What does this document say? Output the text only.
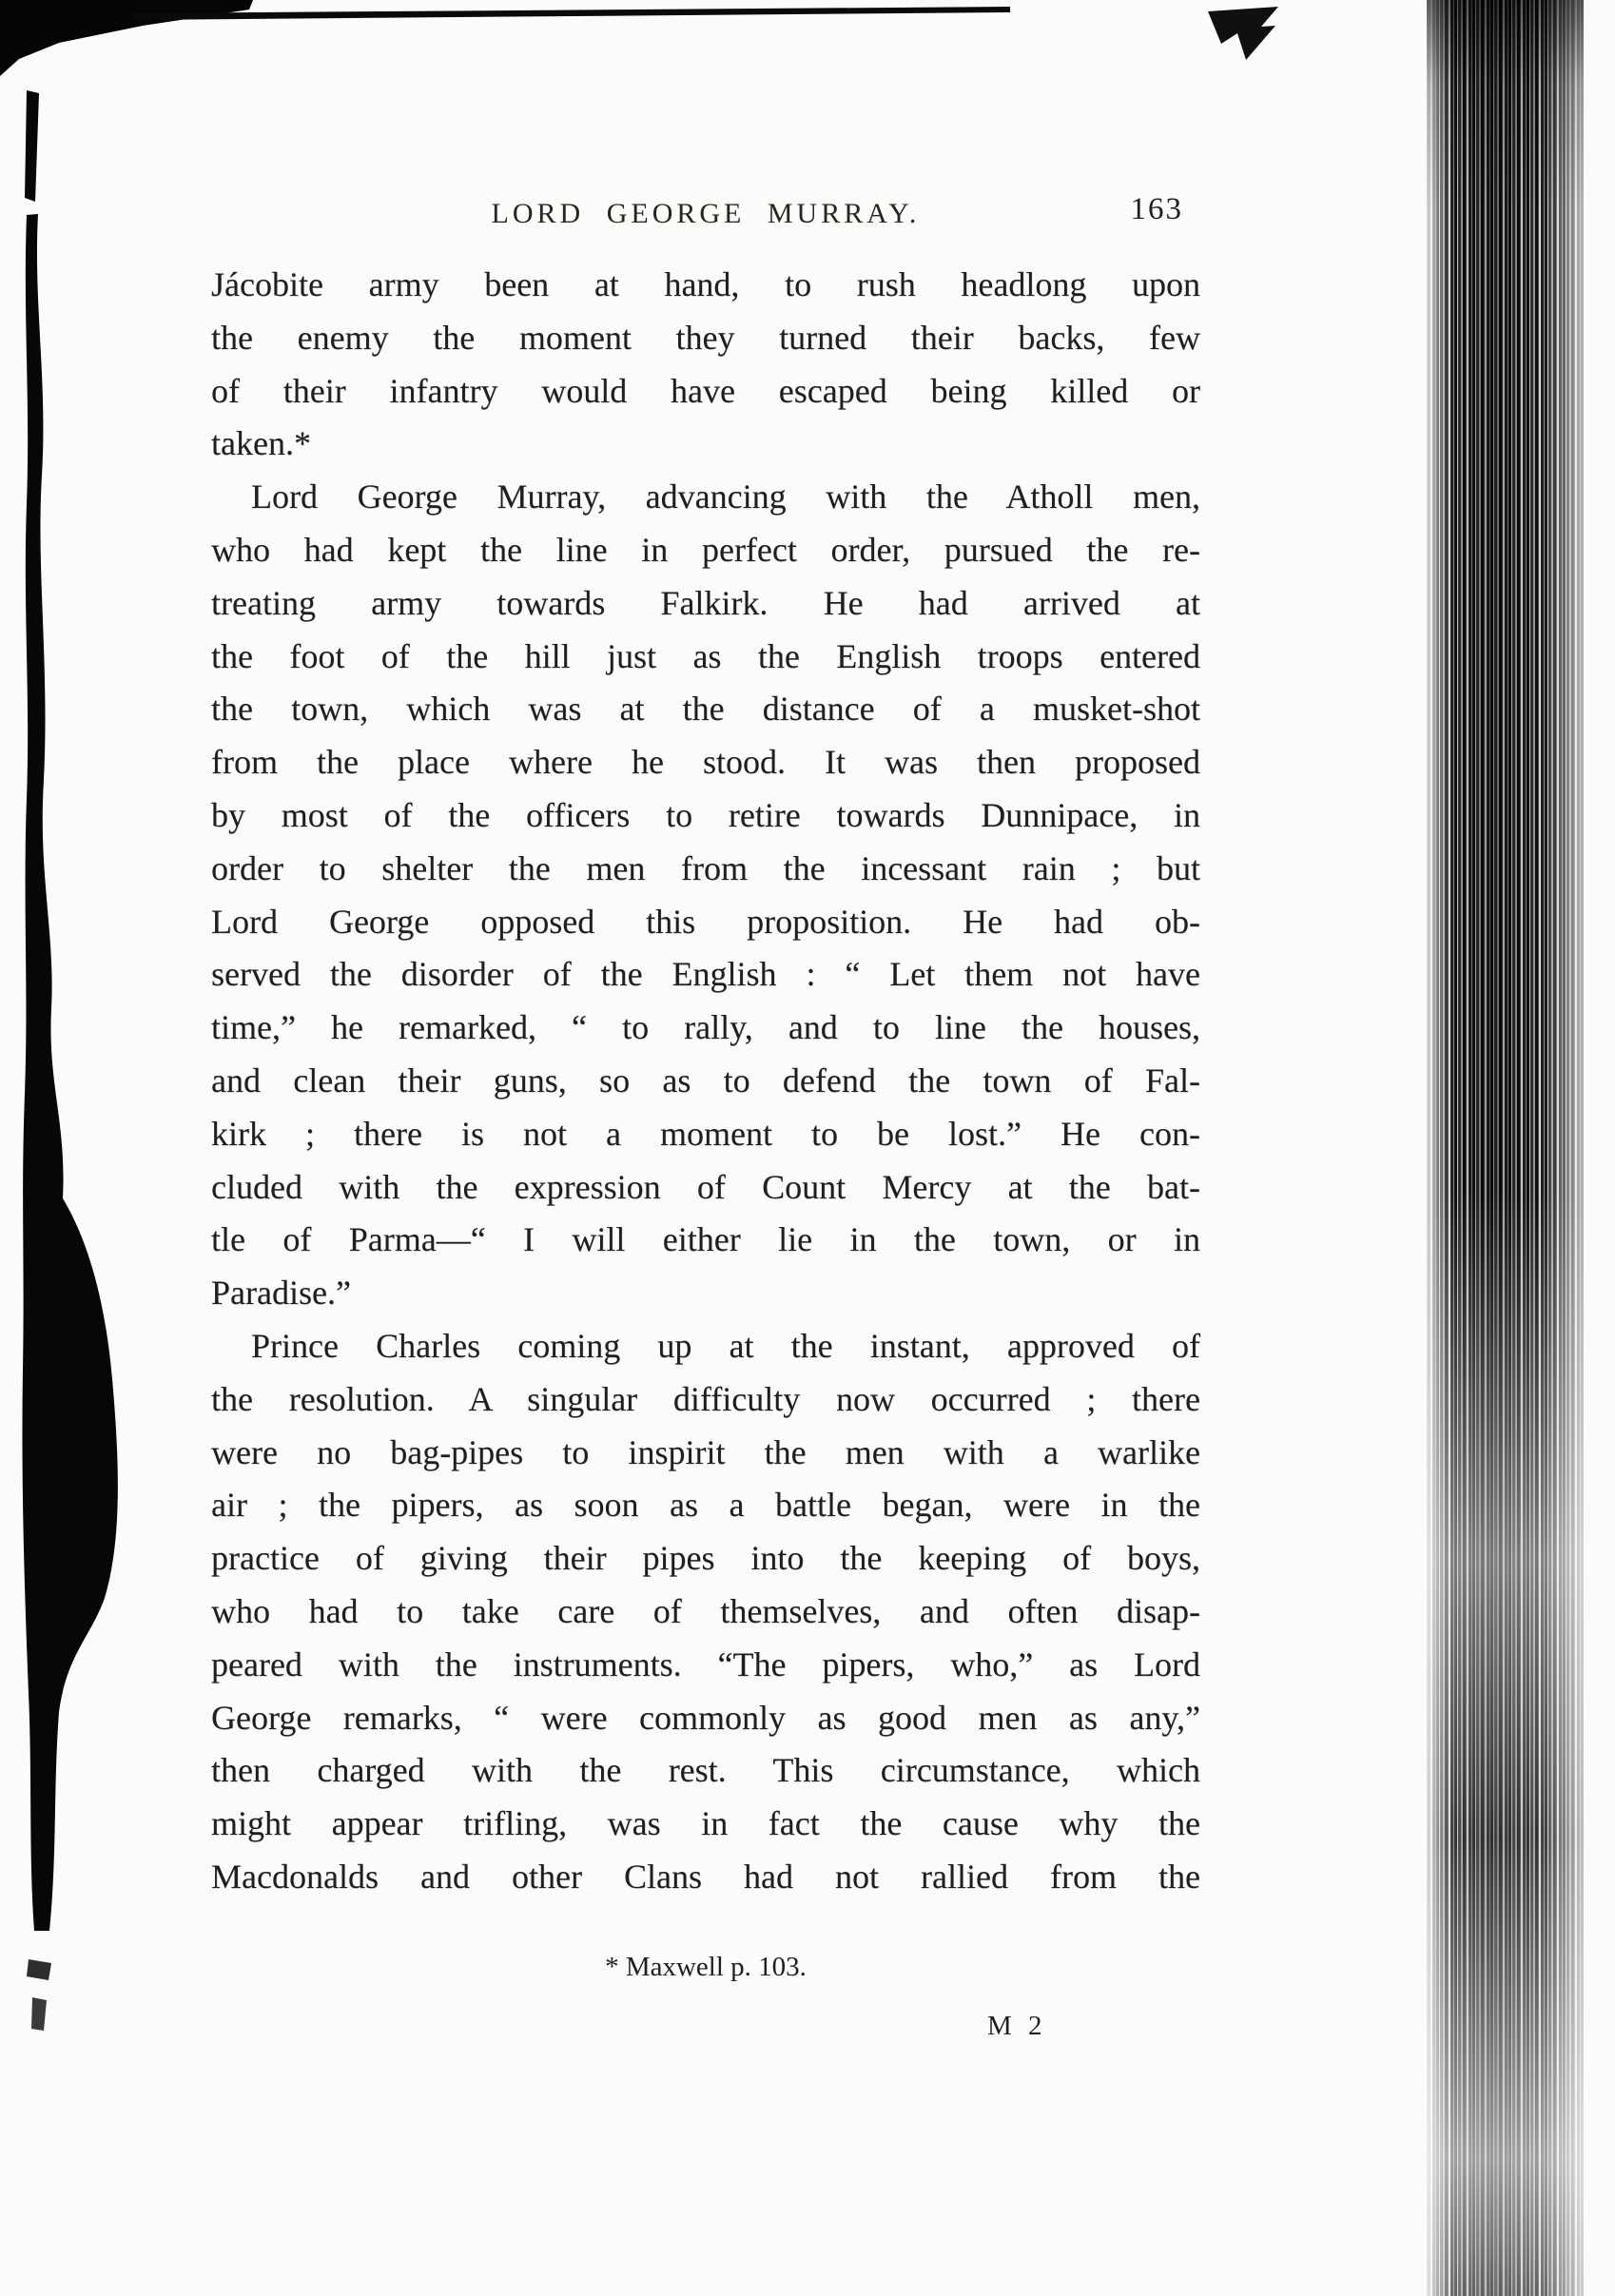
LORD GEORGE MURRAY.	163
Jácobite army been at hand, to rush headlong upon
the enemy the moment they turned their backs, few
of their infantry would have escaped being killed or
taken.*
Lord George Murray, advancing with the Atholl men,
who had kept the line in perfect order, pursued the re-
treating army towards Falkirk. He had arrived at
the foot of the hill just as the English troops entered
the town, which was at the distance of a musket-shot
from the place where he stood. It was then proposed
by most of the officers to retire towards Dunnipace, in
order to shelter the men from the incessant rain ; but
Lord George opposed this proposition. He had ob-
served the disorder of the English : “ Let them not have
time,” he remarked, “ to rally, and to line the houses,
and clean their guns, so as to defend the town of Fal-
kirk ; there is not a moment to be lost.” He con-
cluded with the expression of Count Mercy at the bat-
tle of Parma—“ I will either lie in the town, or in
Paradise.”
Prince Charles coming up at the instant, approved of
the resolution. A singular difficulty now occurred ; there
were no bag-pipes to inspirit the men with a warlike
air ; the pipers, as soon as a battle began, were in the
practice of giving their pipes into the keeping of boys,
who had to take care of themselves, and often disap-
peared with the instruments. “The pipers, who,” as Lord
George remarks, “ were commonly as good men as any,”
then charged with the rest. This circumstance, which
might appear trifling, was in fact the cause why the
Macdonalds and other Clans had not rallied from the
* Maxwell p. 103.
M 2
